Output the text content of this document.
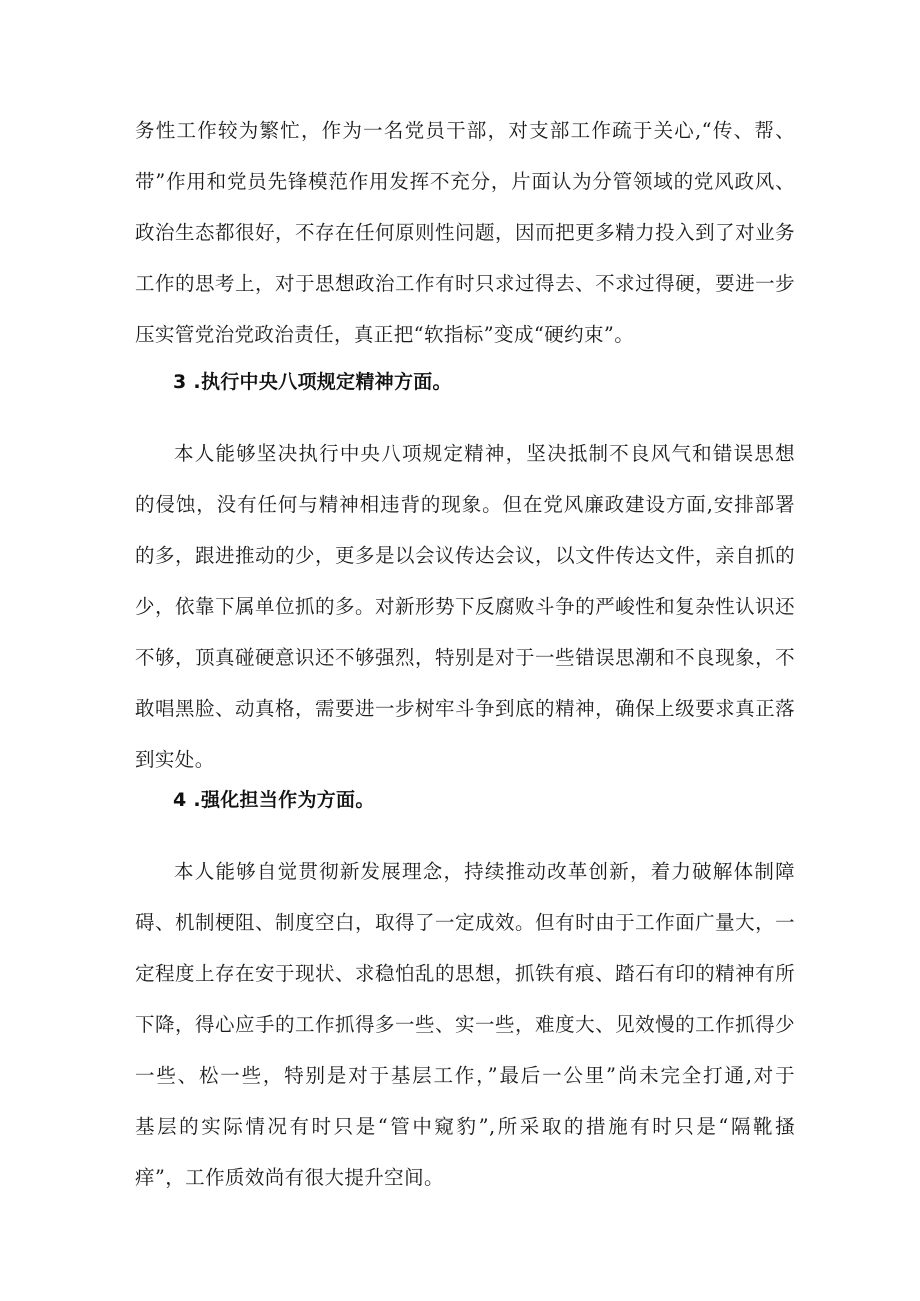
务性工作较为繁忙，作为一名党员干部，对支部工作疏于关心,“传、帮、
带”作用和党员先锋模范作用发挥不充分，片面认为分管领域的党风政风、
政治生态都很好，不存在任何原则性问题，因而把更多精力投入到了对业务
工作的思考上，对于思想政治工作有时只求过得去、不求过得硬，要进一步
压实管党治党政治责任，真正把“软指标”变成“硬约束”。
3 .执行中央八项规定精神方面。
本人能够坚决执行中央八项规定精神，坚决抵制不良风气和错误思想
的侵蚀，没有任何与精神相违背的现象。但在党风廉政建设方面,安排部署
的多，跟进推动的少，更多是以会议传达会议，以文件传达文件，亲自抓的
少，依靠下属单位抓的多。对新形势下反腐败斗争的严峻性和复杂性认识还
不够，顶真碰硬意识还不够强烈，特别是对于一些错误思潮和不良现象，不
敢唱黑脸、动真格，需要进一步树牢斗争到底的精神，确保上级要求真正落
到实处。
4 .强化担当作为方面。
本人能够自觉贯彻新发展理念，持续推动改革创新，着力破解体制障
碍、机制梗阻、制度空白，取得了一定成效。但有时由于工作面广量大，一
定程度上存在安于现状、求稳怕乱的思想，抓铁有痕、踏石有印的精神有所
下降，得心应手的工作抓得多一些、实一些，难度大、见效慢的工作抓得少
一些、松一些，特别是对于基层工作，”最后一公里”尚未完全打通,对于
基层的实际情况有时只是“管中窥豹”,所采取的措施有时只是“隔靴搔
痒”，工作质效尚有很大提升空间。
